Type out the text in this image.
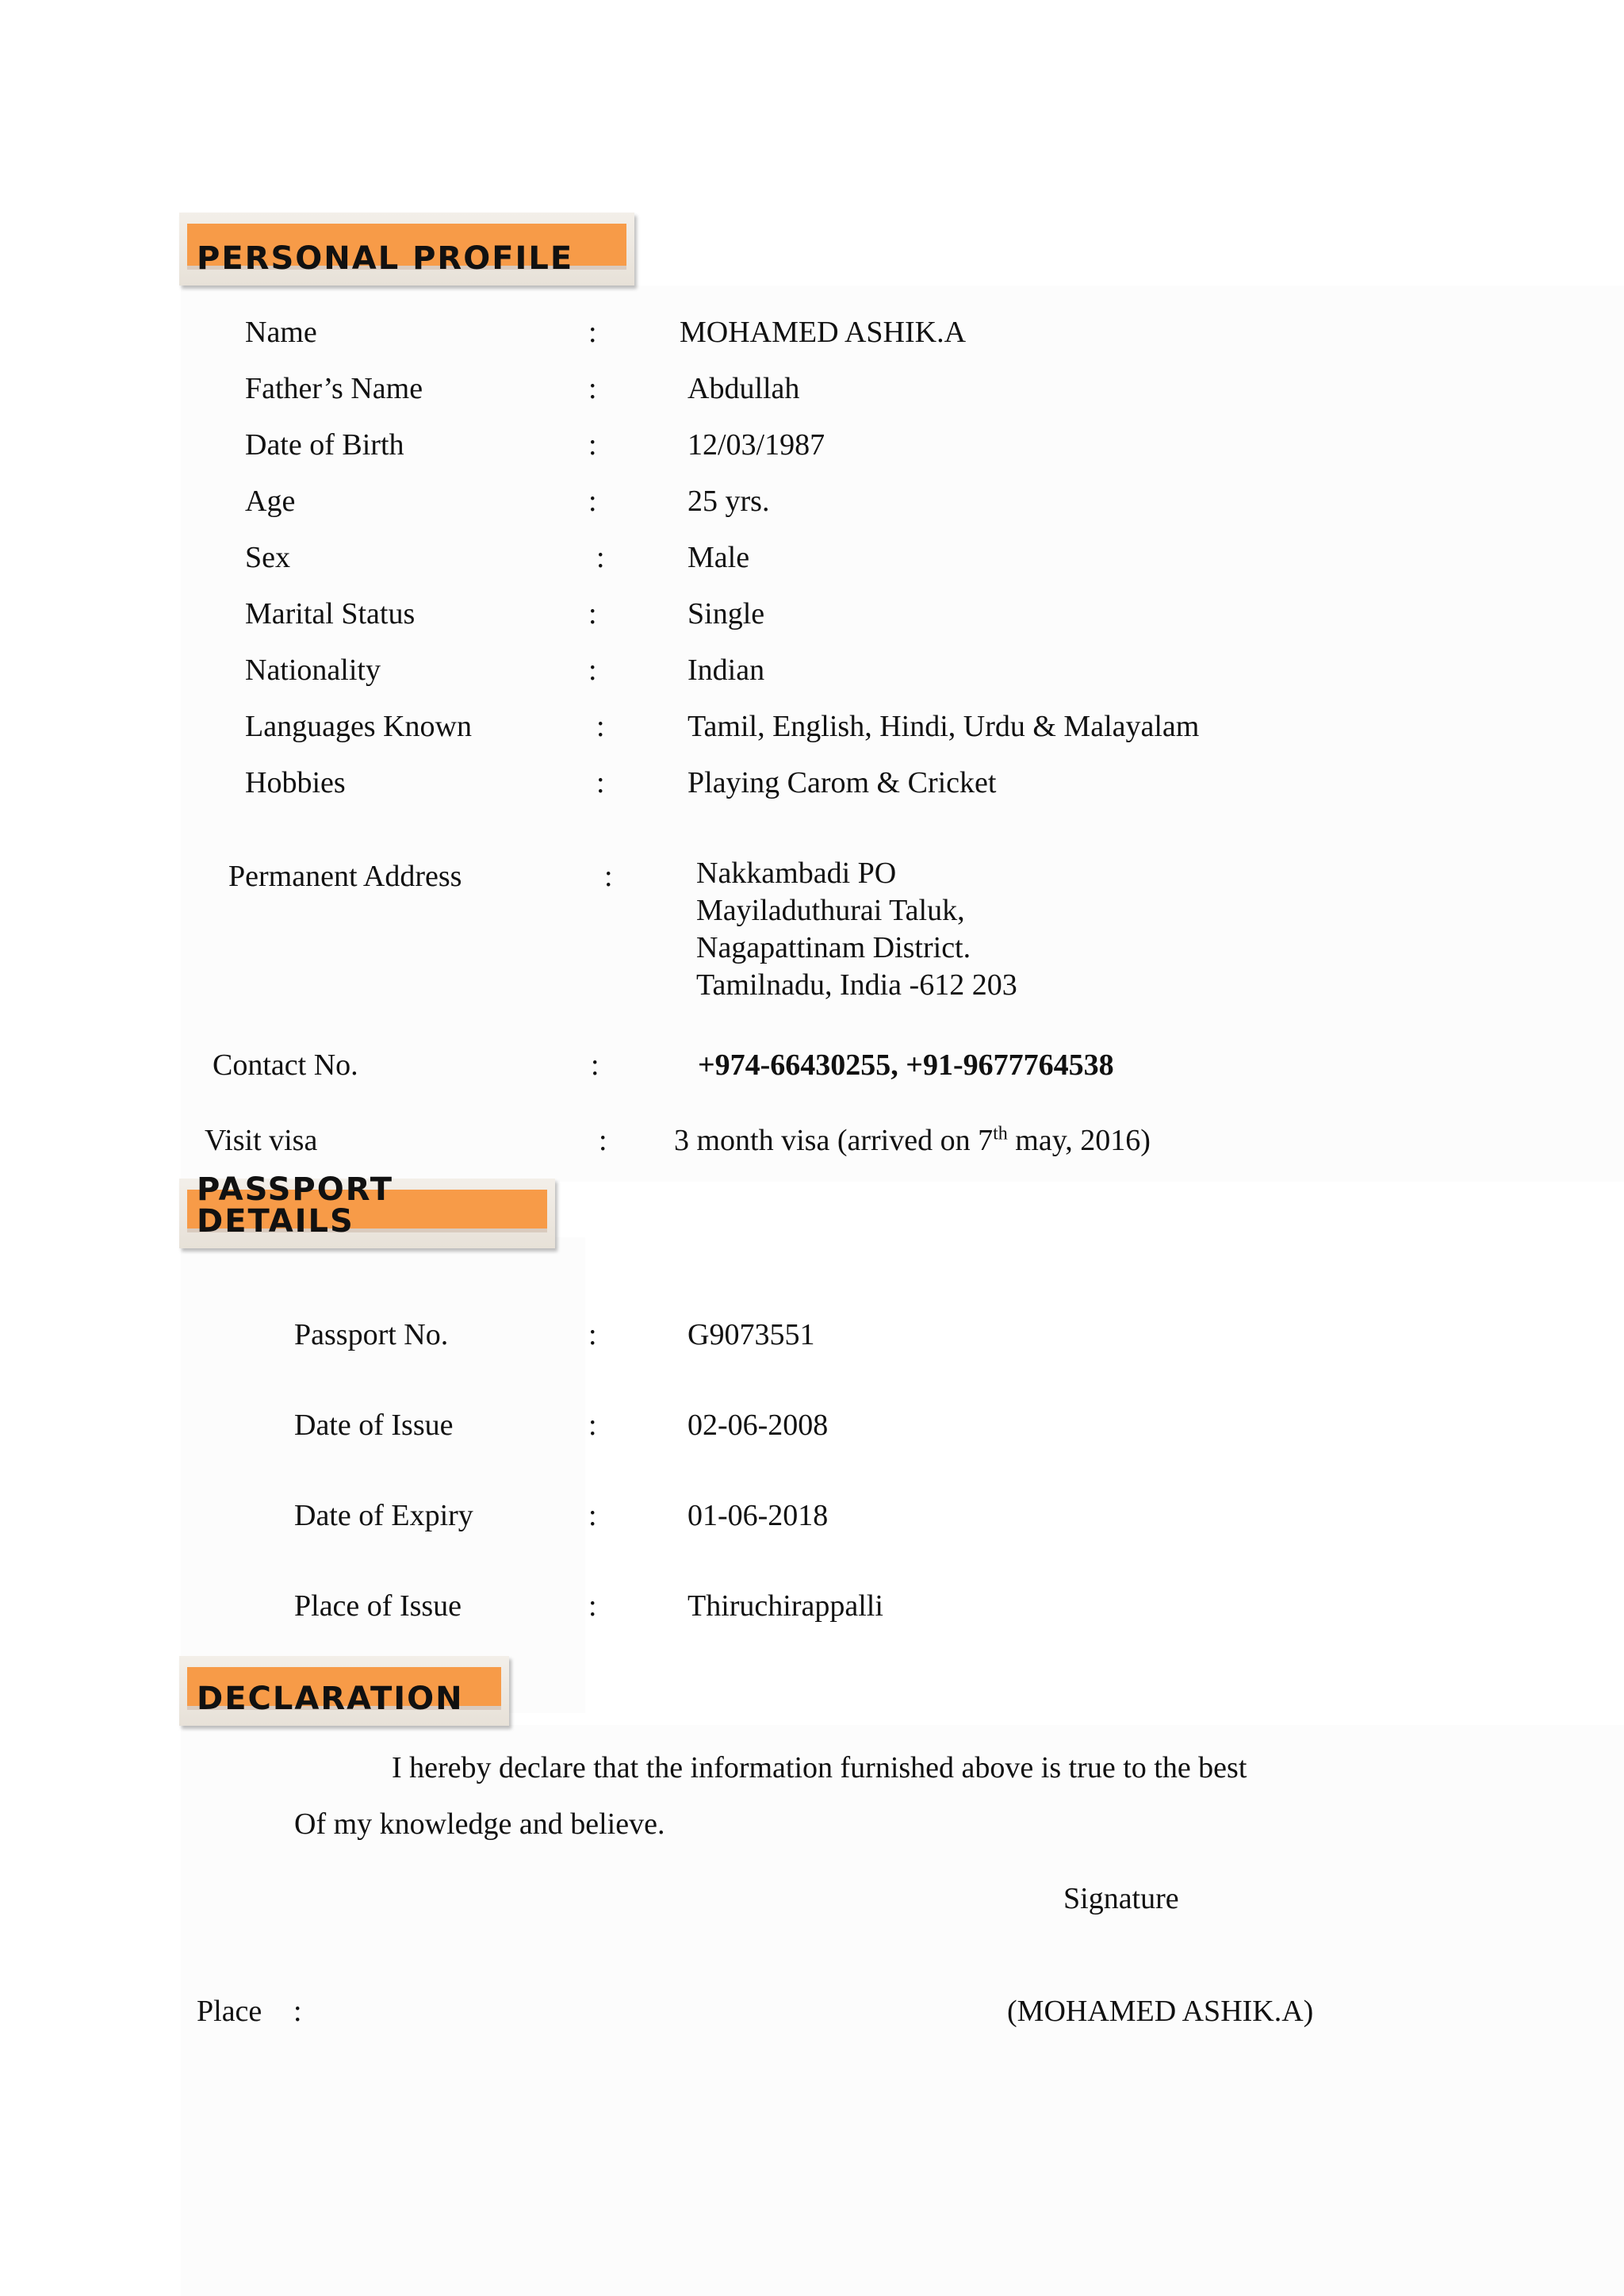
PERSONAL PROFILE
Name	:	MOHAMED ASHIK.A
Father’s Name	:	Abdullah
Date of Birth	:	12/03/1987
Age	:	25 yrs.
Sex	:	Male
Marital Status	:	Single
Nationality	:	Indian
Languages Known	:	Tamil, English, Hindi, Urdu & Malayalam
Hobbies	:	Playing Carom & Cricket
Permanent Address	:	Nakkambadi PO
Mayiladuthurai Taluk,
Nagapattinam District.
Tamilnadu, India -612 203
Contact No.	:	+974-66430255, +91-9677764538
Visit visa	: 3 month visa (arrived on 7th may, 2016)
PASSPORT DETAILS
Passport No.	:	G9073551
Date of Issue	:	02-06-2008
Date of Expiry	:	01-06-2018
Place of Issue	:	Thiruchirappalli
DECLARATION
I hereby declare that the information furnished above is true to the best
Of my knowledge and believe.
Signature
Place :	(MOHAMED ASHIK.A)
